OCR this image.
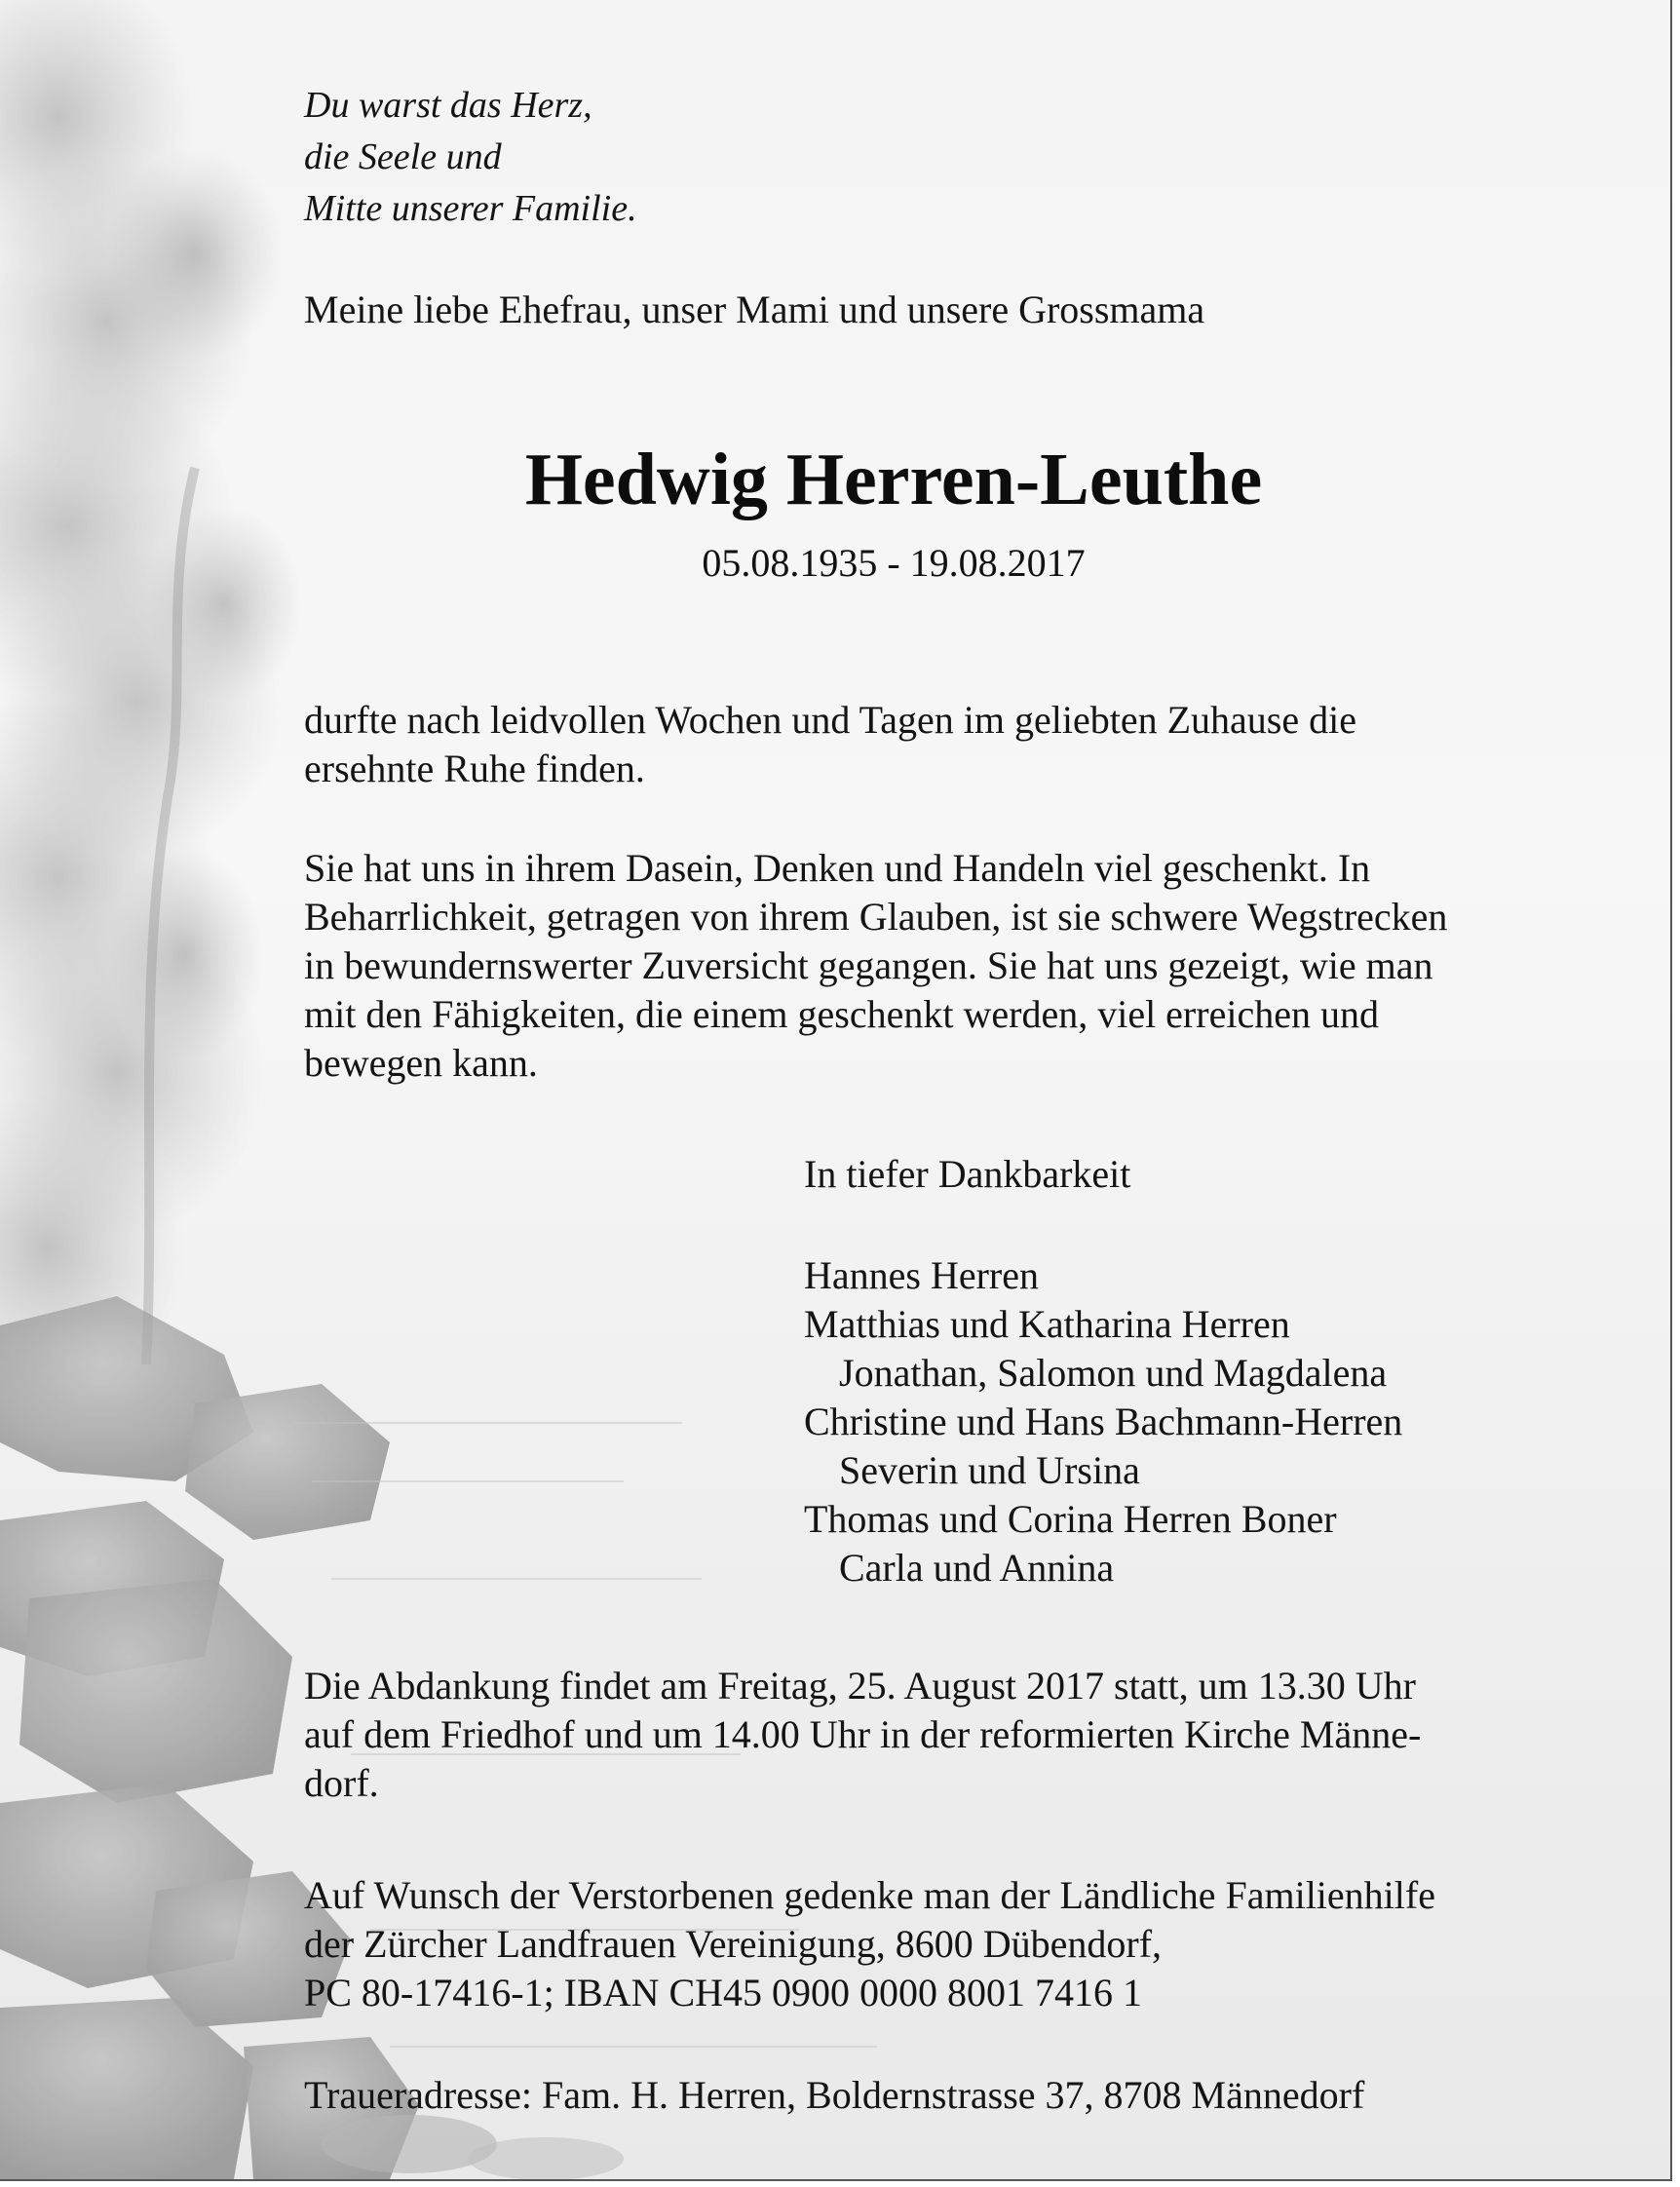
Du warst das Herz,
die Seele und
Mitte unserer Familie.
Meine liebe Ehefrau, unser Mami und unsere Grossmama
Hedwig Herren-Leuthe
05.08.1935 - 19.08.2017
durfte nach leidvollen Wochen und Tagen im geliebten Zuhause die
ersehnte Ruhe finden.
Sie hat uns in ihrem Dasein, Denken und Handeln viel geschenkt. In
Beharrlichkeit, getragen von ihrem Glauben, ist sie schwere Wegstrecken
in bewundernswerter Zuversicht gegangen. Sie hat uns gezeigt, wie man
mit den Fähigkeiten, die einem geschenkt werden, viel erreichen und
bewegen kann.
In tiefer Dankbarkeit
Hannes Herren
Matthias und Katharina Herren
Jonathan, Salomon und Magdalena
Christine und Hans Bachmann-Herren
Severin und Ursina
Thomas und Corina Herren Boner
Carla und Annina
Die Abdankung findet am Freitag, 25. August 2017 statt, um 13.30 Uhr
auf dem Friedhof und um 14.00 Uhr in der reformierten Kirche Männe-
dorf.
Auf Wunsch der Verstorbenen gedenke man der Ländliche Familienhilfe
der Zürcher Landfrauen Vereinigung, 8600 Dübendorf,
PC 80-17416-1; IBAN CH45 0900 0000 8001 7416 1
Traueradresse: Fam. H. Herren, Boldernstrasse 37, 8708 Männedorf
